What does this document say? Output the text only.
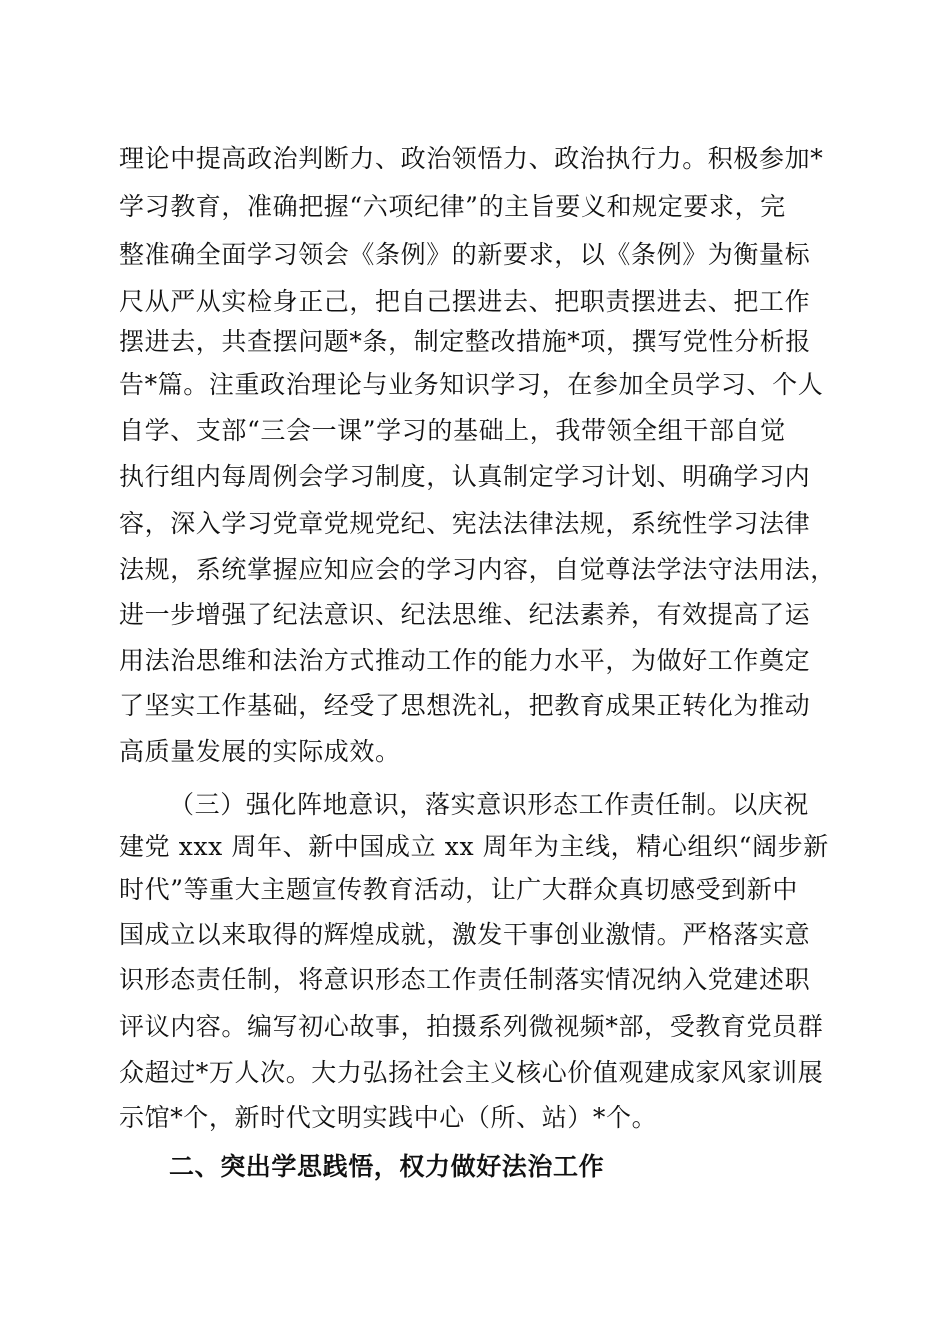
理论中提高政治判断力、政治领悟力、政治执行力。积极参加*
学习教育，准确把握“六项纪律”的主旨要义和规定要求，完
整准确全面学习领会《条例》的新要求，以《条例》为衡量标
尺从严从实检身正己，把自己摆进去、把职责摆进去、把工作
摆进去，共查摆问题*条，制定整改措施*项，撰写党性分析报
告*篇。注重政治理论与业务知识学习，在参加全员学习、个人
自学、支部“三会一课”学习的基础上，我带领全组干部自觉
执行组内每周例会学习制度，认真制定学习计划、明确学习内
容，深入学习党章党规党纪、宪法法律法规，系统性学习法律
法规，系统掌握应知应会的学习内容，自觉尊法学法守法用法，
进一步增强了纪法意识、纪法思维、纪法素养，有效提高了运
用法治思维和法治方式推动工作的能力水平，为做好工作奠定
了坚实工作基础，经受了思想洗礼，把教育成果正转化为推动
高质量发展的实际成效。
（三）强化阵地意识，落实意识形态工作责任制。以庆祝
建党 xxx 周年、新中国成立 xx 周年为主线，精心组织“阔步新
时代”等重大主题宣传教育活动，让广大群众真切感受到新中
国成立以来取得的辉煌成就，激发干事创业激情。严格落实意
识形态责任制，将意识形态工作责任制落实情况纳入党建述职
评议内容。编写初心故事，拍摄系列微视频*部，受教育党员群
众超过*万人次。大力弘扬社会主义核心价值观建成家风家训展
示馆*个，新时代文明实践中心（所、站）*个。
二、突出学思践悟，权力做好法治工作
